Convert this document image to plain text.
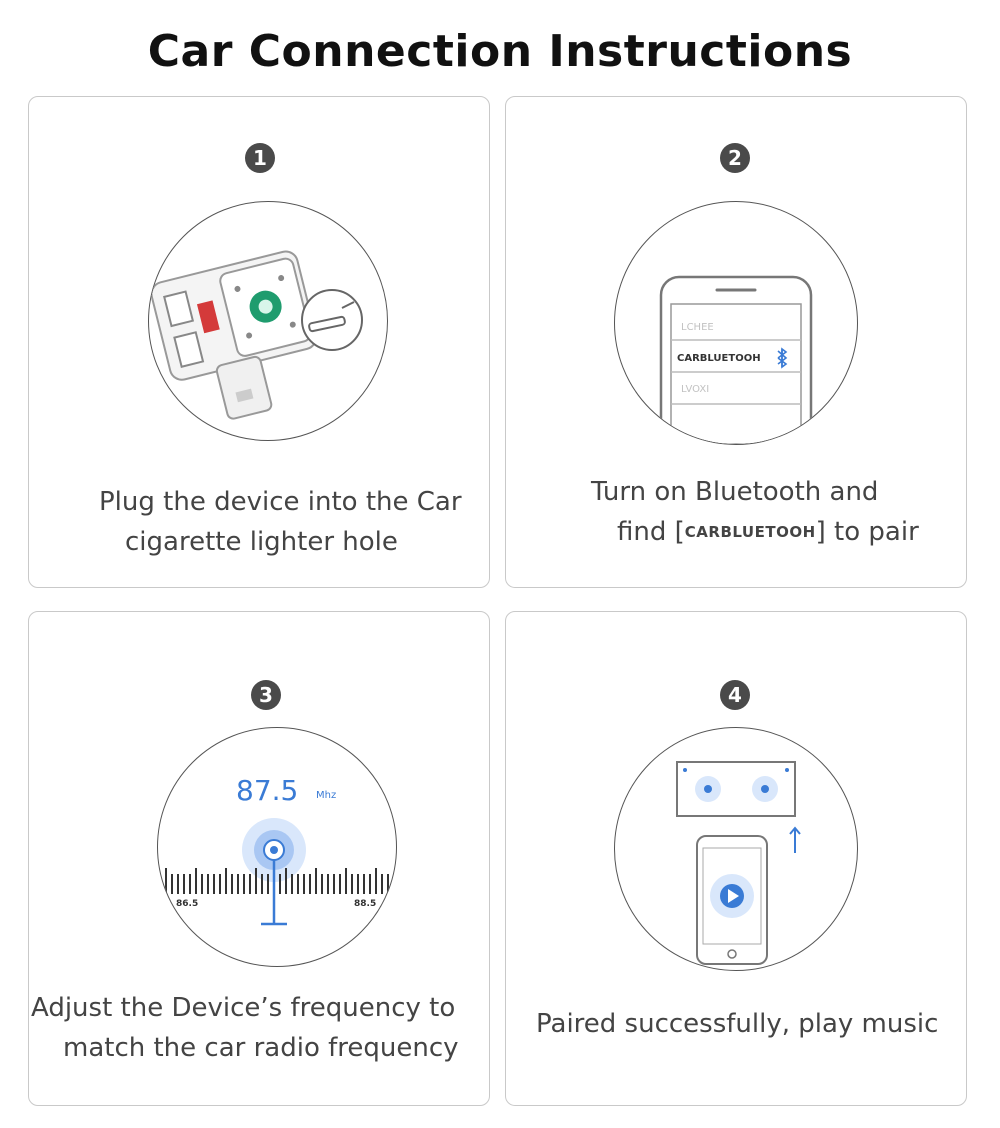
Car Connection Instructions
1
Plug the device into the Car
cigarette lighter hole
2
LCHEE
CARBLUETOOH
LVOXI
Turn on Bluetooth and
find [CARBLUETOOH] to pair
3
87.5 Mhz
86.5	88.5
Adjust the Device’s frequency to
match the car radio frequency
4
Paired successfully, play music
